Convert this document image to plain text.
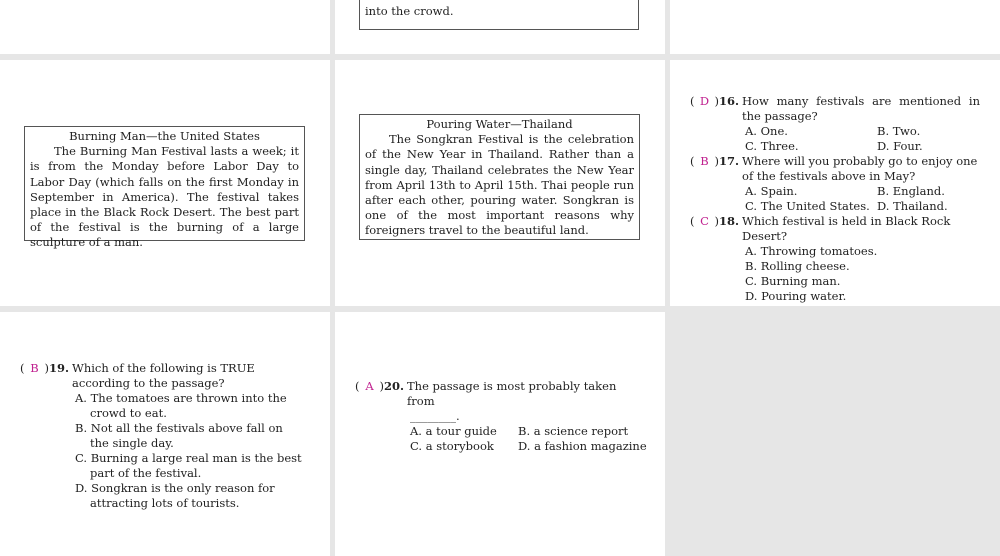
into the crowd.
Burning Man—the United States
The Burning Man Festival lasts a week; it is from the Monday before Labor Day to Labor Day (which falls on the first Monday in September in America). The festival takes place in the Black Rock Desert. The best part of the festival is the burning of a large sculpture of a man.
Pouring Water—Thailand
The Songkran Festival is the celebration of the New Year in Thailand. Rather than a single day, Thailand celebrates the New Year from April 13th to April 15th. Thai people run after each other, pouring water. Songkran is one of the most important reasons why foreigners travel to the beautiful land.
( D ) 16. How many festivals are mentioned in the passage?
A. One.	B. Two.
C. Three.	D. Four.
( B ) 17. Where will you probably go to enjoy one of the festivals above in May?
A. Spain.	B. England.
C. The United States. D. Thailand.
( C ) 18. Which festival is held in Black Rock Desert?
A. Throwing tomatoes.
B. Rolling cheese.
C. Burning man.
D. Pouring water.
( B ) 19. Which of the following is TRUE according to the passage?
A. The tomatoes are thrown into the crowd to eat.
B. Not all the festivals above fall on the single day.
C. Burning a large real man is the best part of the festival.
D. Songkran is the only reason for attracting lots of tourists.
( A ) 20. The passage is most probably taken from
________.
A. a tour guide	B. a science report
C. a storybook	D. a fashion magazine
